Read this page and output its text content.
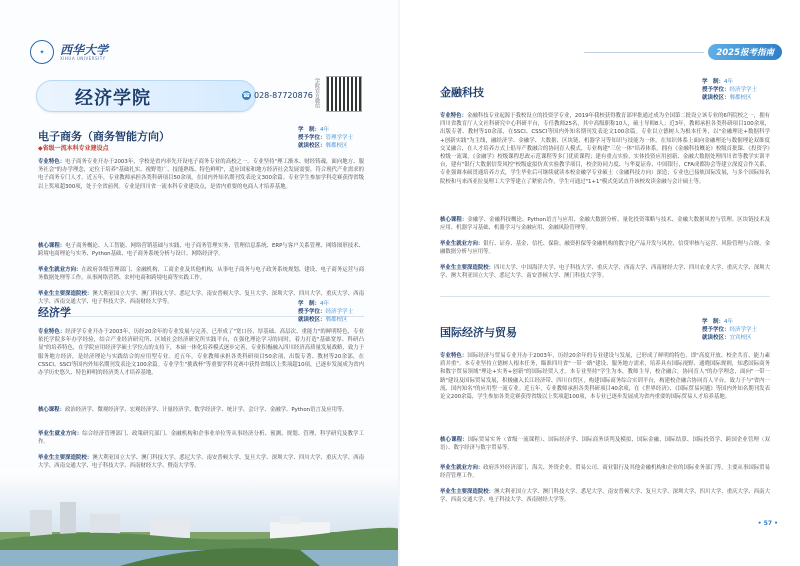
✦	西华大学
XIHUA UNIVERSITY
经济学院	☎ 028-87720876 学院官方微信
电子商务（商务智能方向）
◆省级一流本科专业建设点
学　制：4年
授予学位：管理学学士
就读校区：郫都校区
专业特色：电子商务专业开办于2003年，学校是省内率先开设电子商务专业的高校之一。专业坚持"理工渐本、财经铸魂，面向地方、服务社会"的办学理念，定位于培养"基础扎实、视野宽广、技能熟练、特色鲜明"，适应国家和地方经济社会发展需要，符合现代产业需求的电子商务专门人才。近五年，专业教师承担各类科研项目50余项，在国内外知名期刊发表论文300余篇。专业学生参加学科竞赛获得省级以上奖项超300项，处于全省前列。专业是四川省一流本科专业建设点，是省内重要的电商人才培养基地。
核心课程：电子商务概论、人工智能、网络营销基础与实践、电子商务管理实务、管理信息系统、ERP与客户关系管理、网络图形技术、跨境电商理论与实务、Python基础、电子商务系统分析与设计、网络经济学。
毕业生就业方向：在政府各级管理部门、金融机构、工商企业及其他机构，从事电子商务与电子政务系统规划、建设、电子商务运营与商务数据处理等工作，从事网络营销、农村电商和跨境电商等实践工作。
毕业生主要深造院校：澳大利亚国立大学、澳门科技大学、悉尼大学、南安普顿大学、复旦大学、深圳大学、四川大学、重庆大学、西南大学、西南交通大学、电子科技大学、西南财经大学等。
经济学
学　制：4年
授予学位：经济学学士
就读校区：郫都校区
专业特色：经济学专业开办于2003年，历经20余年的专业发展与完善，已形成了"宽口径、厚基础、高层次、重能力"的鲜明特色，专业依托学院多年办学经验，结合产业经济研究所、区域社会经济研究所实践平台，在强化理论学习的同时，着力打造"基础宽厚、科研凸显"的培养特色，在学院应用经济学硕士学位点的支持下，本硕一体化培养模式逐步完善，专业积极融入四川经济高质量发展战略，致力于服务地方经济，是经济理论与实践结合的应用型专业。近五年，专业教师承担各类科研项目50余项，出版专著、教材等20余部，在CSSCI、SSCI等国内外知名期刊发表论文100余篇。专业学生"挑战杯"等重要学科竞赛中获得省级以上奖项超10项，已逐步发展成为省内办学历史悠久、特色鲜明的经济类人才培养基地。
核心课程：政治经济学、微观经济学、宏观经济学、计量经济学、数学经济学、统计学、会计学、金融学、Python语言及应用等。
毕业生就业方向：综合经济管理部门、政策研究部门、金融机构和企事业单位等从事经济分析、预测、规划、管理、科学研究及教学工作。
毕业生主要深造院校：澳大利亚国立大学、澳门科技大学、悉尼大学、南安普顿大学、复旦大学、深圳大学、四川大学、重庆大学、西南大学、西南交通大学、电子科技大学、西南财经大学、暨南大学等。
2025报考指南
金融科技
学　制：4年
授予学位：经济学学士
就读校区：郫都校区
专业特色：金融科技专业起源于我校设立的投资学专业，2019年我校获得教育部审批通过成为全国第二批设立该专业的6所院校之一，拥有四川省教育厅人文社科研究中心科研平台，专任教师25名，其中高级职称10人，硕士导师8人；近3年，教师承担各类科研项目100余项，出版专著、教材等10余部，在SSCI、CSSCI等国内外知名期刊发表论文100余篇。专业以立德树人为根本任务，以"金融理论+数据科学+创新实践"为主线，融经济学、金融学、大数据、区块链、机器学习等知识与技能为一体，在知识体系上面向金融理论与数据理论双维度交叉融合，在人才培养方式上倡导产教融合的协同育人模式，专业构建"三位一体"培养体系，拥有《金融科技概论》校级首批课、《投资学》校级一流课，《金融学》校级课程思政示范课程等多门优质课程；建有重点实验、实体投资应用创新、金融大数据处理四川省等教学实训平台，建有"银行大数据信贷风控"校级虚拟仿真实验教学项目，校企协同力度、与华夏证券、中国银行，CFA成都协会等建立深度合作关系，专业强调本硕贯通培养方式，学生毕业后可继续就读本校金融学专业硕士（金融科技方向）深造；专业也已接轨国际发展，与多个国际知名院校和马来西亚拉曼理工大学等建立了紧密合作，学生可通过"1+1"模式免试直升该校攻读金融与会计硕士等。
核心课程：金融学、金融科技概论、Python语言与应用、金融大数据分析、量化投资策略与技术、金融大数据风控与管理、区块链技术及应用、机器学习基础、机器学习与金融应用、金融风险管理等。
毕业生就业方向：银行、证券、基金、信托、保险、融资担保等金融机构的数字化产品开发与风控、信贷审核与运营、风险管理与合规、金融数据分析与应用等。
毕业生主要深造院校：四川大学、中国海洋大学、电子科技大学、重庆大学、西南大学、西南财经大学、四川农业大学、重庆大学、深圳大学、澳大利亚国立大学、悉尼大学、南安普顿大学、澳门科技大学等。
国际经济与贸易
学　制：4年
授予学位：经济学学士
就读校区：宜宾校区
专业特色：国际经济与贸易专业开办于2003年，历经20余年的专业建设与发展，已形成了鲜明的特色，即"高度开放、校企共育、能力素质并重"。本专业坚持立德树人根本任务，瞄准四川省"一带一路"建设、服务地方需求，培养具有国际视野、通晓国际规则，知悉国际商务和数字贸易领域"理论+实务+创新"的国际经贸人才。本专业坚持"学生为本，教师主导，校企融合，协同育人"的办学理念，面向"一带一路"建设及国际贸易发展，积极融入长江经济带、四川自贸区，构建国际商务综合实训平台，构建校企融合协同育人平台，致力于与"省内一流、国内知名"的应用型一流专业。近五年，专业教师承担各类科研项目40余项，在《世界经济》、《国际贸易问题》等国内外知名期刊发表论文200余篇，学生参加各类竞赛获得省级以上奖项超100项，本专业已逐步发展成为省内重要的国际贸易人才培养基地。
核心课程：国际贸易实务（省级一流课程）、国际经济学、国际商务谈判及模拟、国际金融、国际结算、国际投资学、跨国企业管理（双语）、数字经济与数字贸易等。
毕业生就业方向：政府涉外经济部门、海关、外资企业、贸易公司、商业银行及其他金融机构和企业的国际业务部门等，主要从事国际贸易经营管理工作。
毕业生主要深造院校：澳大利亚国立大学、澳门科技大学、悉尼大学、南安普顿大学、复旦大学、深圳大学、四川大学、重庆大学、西南大学、西南交通大学、电子科技大学、西南财经大学等。
• 57 •
